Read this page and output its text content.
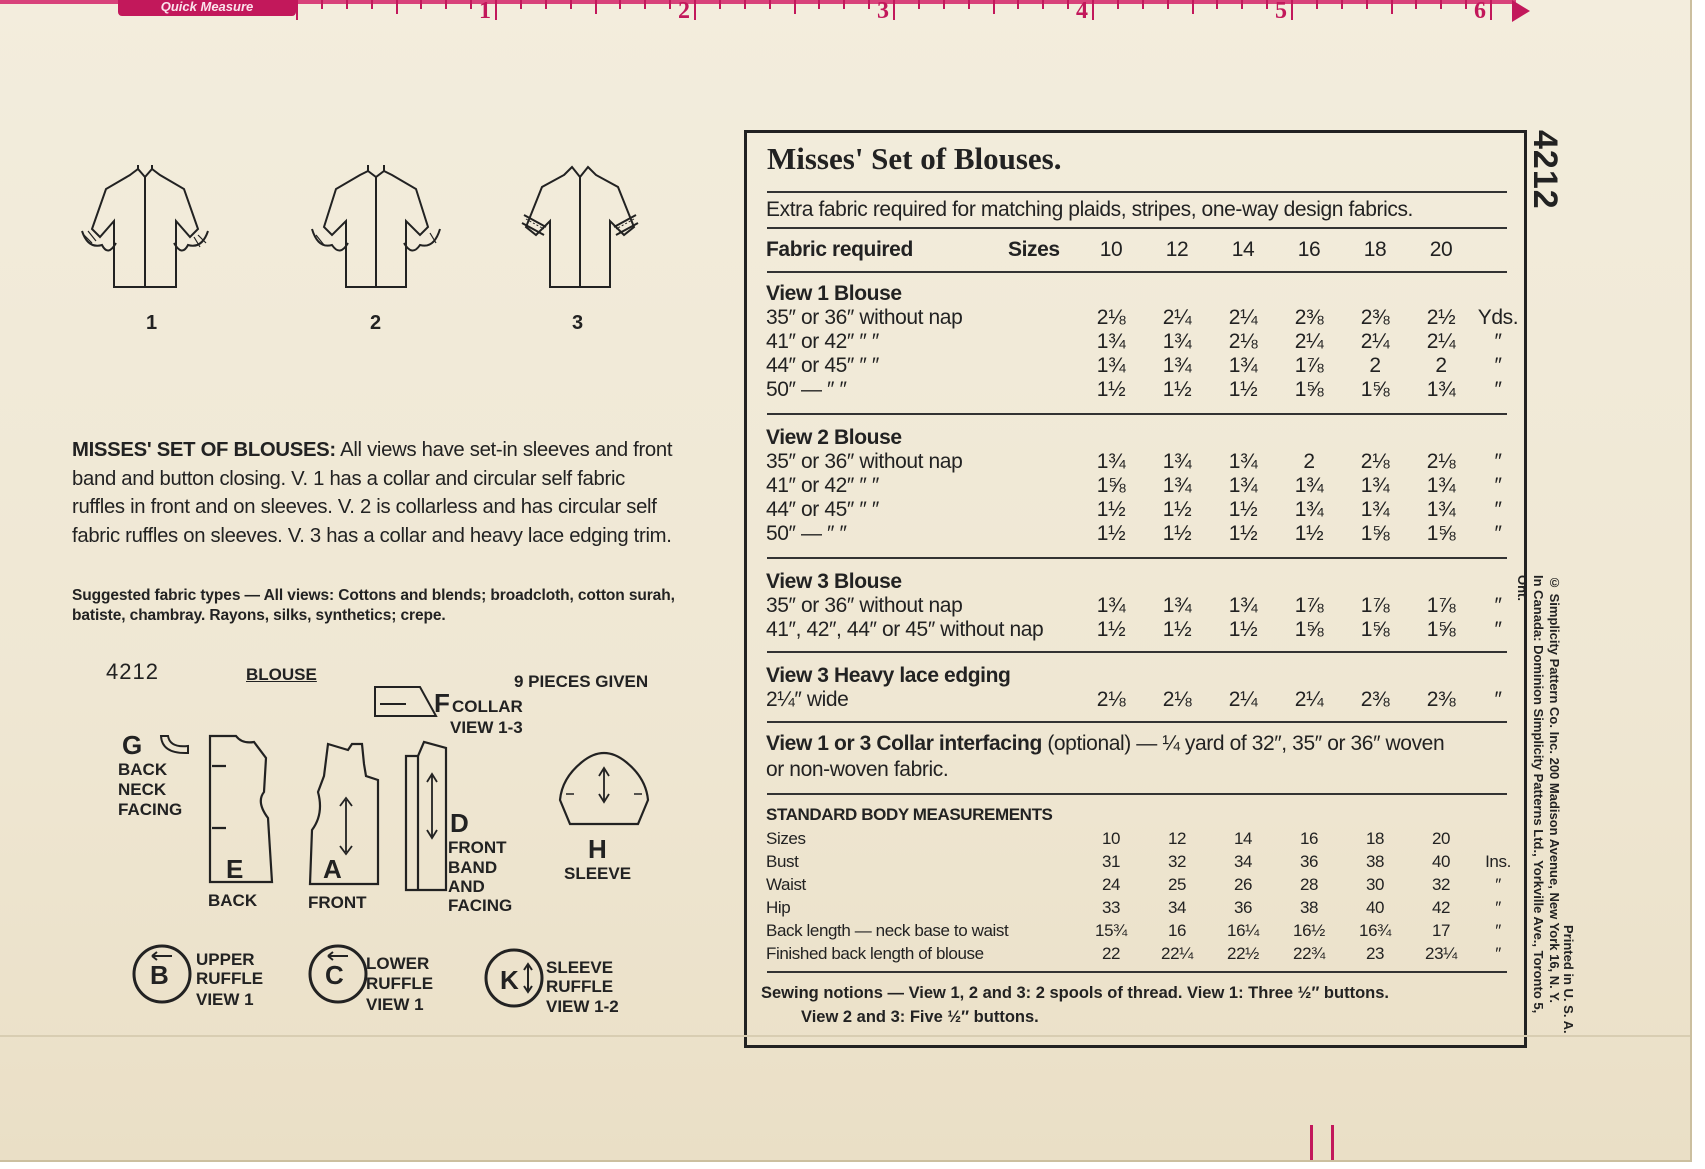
Quick Measure	1	2	3	4	5	6
1	2	3
MISSES' SET OF BLOUSES: All views have set-in sleeves and front band and button closing. V. 1 has a collar and circular self fabric ruffles in front and on sleeves. V. 2 is collarless and has circular self fabric ruffles on sleeves. V. 3 has a collar and heavy lace edging trim.
Suggested fabric types — All views: Cottons and blends; broadcloth, cotton surah, batiste, chambray. Rayons, silks, synthetics; crepe.
4212	BLOUSE	9 PIECES GIVEN
F COLLAR
VIEW 1-3
G
BACK
NECK
FACING
E
BACK
A
FRONT
D
FRONT
BAND
AND
FACING
H
SLEEVE
B
UPPER
RUFFLE
VIEW 1
C LOWER
RUFFLE
VIEW 1
K SLEEVE
RUFFLE
VIEW 1-2
Misses' Set of Blouses.
Extra fabric required for matching plaids, stripes, one-way design fabrics.
Fabric required	Sizes	10	12	14	16	18	20
View 1 Blouse
35″ or 36″ without nap	2⅛	2¼	2¼	2⅜	2⅜	2½	Yds.
41″ or 42″ ″ ″	1¾	1¾	2⅛	2¼	2¼	2¼	″
44″ or 45″ ″ ″	1¾	1¾	1¾	1⅞	2	2	″
50″ — ″ ″	1½	1½	1½	1⅝	1⅝	1¾	″
View 2 Blouse
35″ or 36″ without nap	1¾	1¾	1¾	2	2⅛	2⅛	″
41″ or 42″ ″ ″	1⅝	1¾	1¾	1¾	1¾	1¾	″
44″ or 45″ ″ ″	1½	1½	1½	1¾	1¾	1¾	″
50″ — ″ ″	1½	1½	1½	1½	1⅝	1⅝	″
View 3 Blouse
35″ or 36″ without nap	1¾	1¾	1¾	1⅞	1⅞	1⅞	″
41″, 42″, 44″ or 45″ without nap	1½	1½	1½	1⅝	1⅝	1⅝	″
View 3 Heavy lace edging
2¼″ wide	2⅛	2⅛	2¼	2¼	2⅜	2⅜	″
View 1 or 3 Collar interfacing (optional) — ¼ yard of 32″, 35″ or 36″ woven
or non-woven fabric.
STANDARD BODY MEASUREMENTS
Sizes	10	12	14	16	18	20
Bust	31	32	34	36	38	40	Ins.
Waist	24	25	26	28	30	32	″
Hip	33	34	36	38	40	42	″
Back length — neck base to waist	15¾	16	16¼	16½	16¾	17	″
Finished back length of blouse	22	22¼	22½	22¾	23	23¼	″
Sewing notions — View 1, 2 and 3: 2 spools of thread. View 1: Three ½″ buttons.
View 2 and 3: Five ½″ buttons.
4212
© Simplicity Pattern Co. Inc. 200 Madison Avenue, New York 16, N. Y.
In Canada: Dominion Simplicity Patterns Ltd., Yorkville Ave., Toronto 5, Ont.
Printed in U. S. A.
